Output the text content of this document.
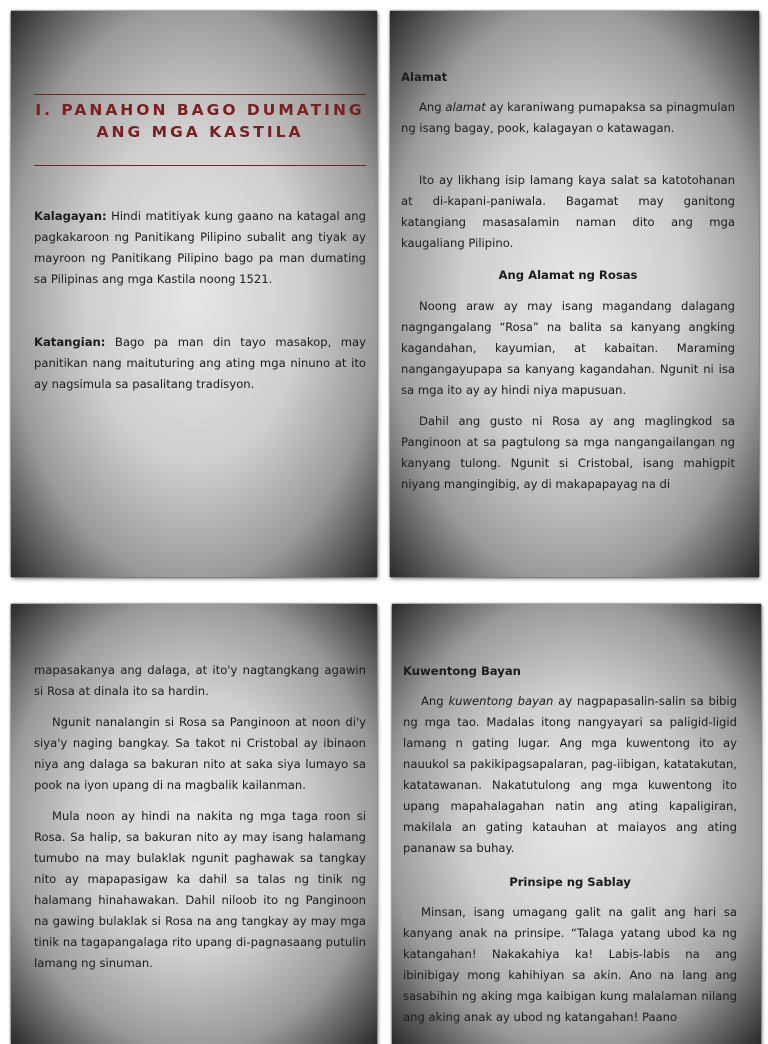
I. PANAHON BAGO DUMATING ANG MGA KASTILA

Kalagayan: Hindi matitiyak kung gaano na katagal ang pagkakaroon ng Panitikang Pilipino subalit ang tiyak ay mayroon ng Panitikang Pilipino bago pa man dumating sa Pilipinas ang mga Kastila noong 1521.

Katangian: Bago pa man din tayo masakop, may panitikan nang maituturing ang ating mga ninuno at ito ay nagsimula sa pasalitang tradisyon.

Alamat

Ang alamat ay karaniwang pumapaksa sa pinagmulan ng isang bagay, pook, kalagayan o katawagan.

Ito ay likhang isip lamang kaya salat sa katotohanan at di-kapani-paniwala. Bagamat may ganitong katangiang masasalamin naman dito ang mga kaugaliang Pilipino.

Ang Alamat ng Rosas

Noong araw ay may isang magandang dalagang nagngangalang “Rosa” na balita sa kanyang angking kagandahan, kayumian, at kabaitan. Maraming nangangayupapa sa kanyang kagandahan. Ngunit ni isa sa mga ito ay ay hindi niya mapusuan.

Dahil ang gusto ni Rosa ay ang maglingkod sa Panginoon at sa pagtulong sa mga nangangailangan ng kanyang tulong. Ngunit si Cristobal, isang mahigpit niyang mangingibig, ay di makapapayag na di

mapasakanya ang dalaga, at ito'y nagtangkang agawin si Rosa at dinala ito sa hardin.

Ngunit nanalangin si Rosa sa Panginoon at noon di'y siya'y naging bangkay. Sa takot ni Cristobal ay ibinaon niya ang dalaga sa bakuran nito at saka siya lumayo sa pook na iyon upang di na magbalik kailanman.

Mula noon ay hindi na nakita ng mga taga roon si Rosa. Sa halip, sa bakuran nito ay may isang halamang tumubo na may bulaklak ngunit paghawak sa tangkay nito ay mapapasigaw ka dahil sa talas ng tinik ng halamang hinahawakan. Dahil niloob ito ng Panginoon na gawing bulaklak si Rosa na ang tangkay ay may mga tinik na tagapangalaga rito upang di-pagnasaang putulin lamang ng sinuman.

Kuwentong Bayan

Ang kuwentong bayan ay nagpapasalin-salin sa bibig ng mga tao. Madalas itong nangyayari sa paligid-ligid lamang n gating lugar. Ang mga kuwentong ito ay nauukol sa pakikipagsapalaran, pag-iibigan, katatakutan, katatawanan. Nakatutulong ang mga kuwentong ito upang mapahalagahan natin ang ating kapaligiran, makilala an gating katauhan at maiayos ang ating pananaw sa buhay.

Prinsipe ng Sablay

Minsan, isang umagang galit na galit ang hari sa kanyang anak na prinsipe. “Talaga yatang ubod ka ng katangahan! Nakakahiya ka! Labis-labis na ang ibinibigay mong kahihiyan sa akin. Ano na lang ang sasabihin ng aking mga kaibigan kung malalaman nilang ang aking anak ay ubod ng katangahan! Paano
